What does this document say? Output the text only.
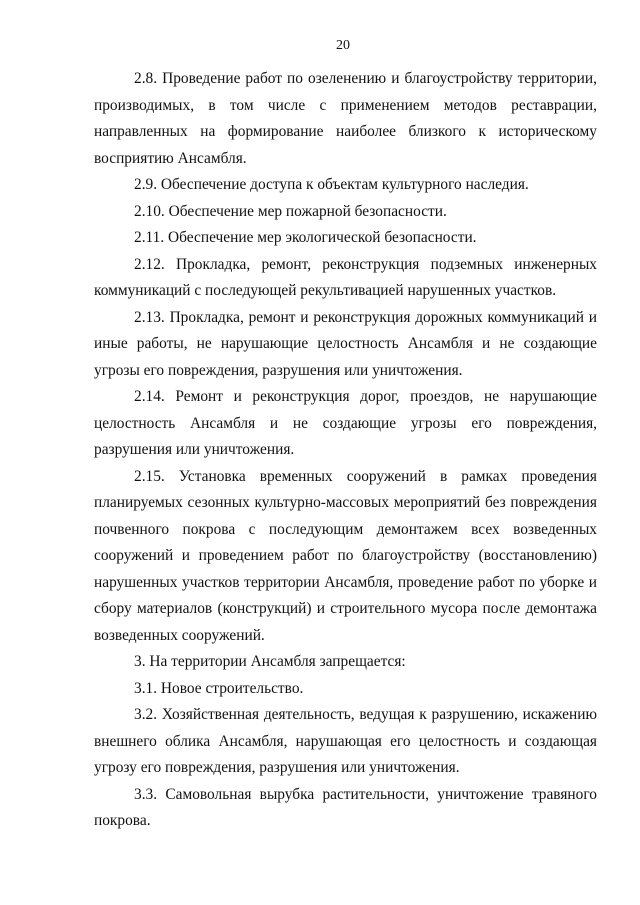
20

2.8. Проведение работ по озеленению и благоустройству территории, производимых, в том числе с применением методов реставрации, направленных на формирование наиболее близкого к историческому восприятию Ансамбля.

2.9. Обеспечение доступа к объектам культурного наследия.

2.10. Обеспечение мер пожарной безопасности.

2.11. Обеспечение мер экологической безопасности.

2.12. Прокладка, ремонт, реконструкция подземных инженерных коммуникаций с последующей рекультивацией нарушенных участков.

2.13. Прокладка, ремонт и реконструкция дорожных коммуникаций и иные работы, не нарушающие целостность Ансамбля и не создающие угрозы его повреждения, разрушения или уничтожения.

2.14. Ремонт и реконструкция дорог, проездов, не нарушающие целостность Ансамбля и не создающие угрозы его повреждения, разрушения или уничтожения.

2.15. Установка временных сооружений в рамках проведения планируемых сезонных культурно-массовых мероприятий без повреждения почвенного покрова с последующим демонтажем всех возведенных сооружений и проведением работ по благоустройству (восстановлению) нарушенных участков территории Ансамбля, проведение работ по уборке и сбору материалов (конструкций) и строительного мусора после демонтажа возведенных сооружений.

3. На территории Ансамбля запрещается:

3.1. Новое строительство.

3.2. Хозяйственная деятельность, ведущая к разрушению, искажению внешнего облика Ансамбля, нарушающая его целостность и создающая угрозу его повреждения, разрушения или уничтожения.

3.3. Самовольная вырубка растительности, уничтожение травяного покрова.
